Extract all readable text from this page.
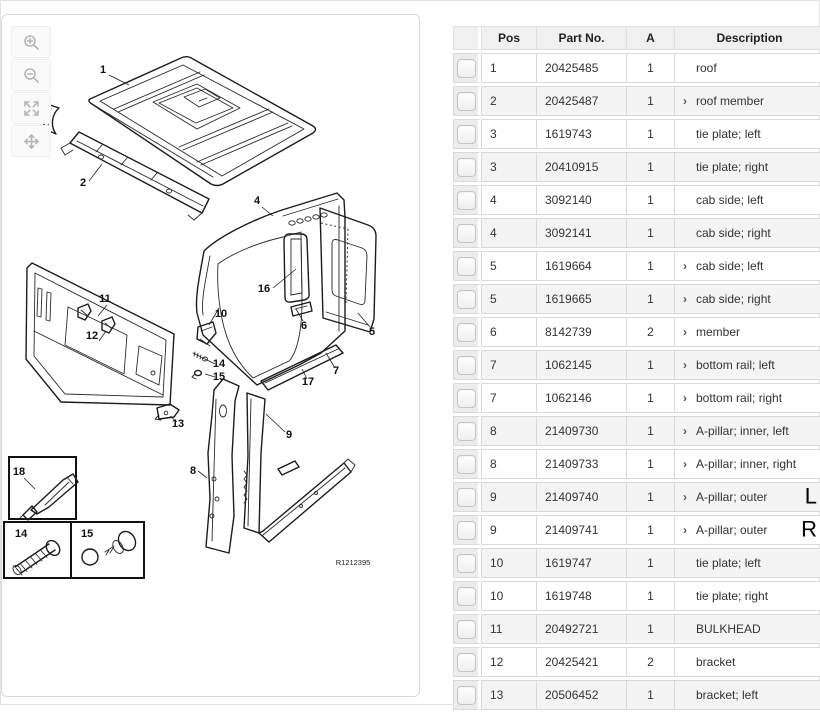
1
2
4
5
6
7
8
9
10
11
12
13
14
15
16
17
18
14	15
R1212395
	Pos	Part No.	A	Description
	1	20425485	1	roof

	2	20425487	1	› roof member

	3	1619743	1	tie plate; left

	3	20410915	1	tie plate; right

	4	3092140	1	cab side; left

	4	3092141	1	cab side; right

	5	1619664	1	› cab side; left

	5	1619665	1	› cab side; right

	6	8142739	2	› member

	7	1062145	1	› bottom rail; left

	7	1062146	1	› bottom rail; right

	8	21409730	1	› A-pillar; inner, left

	8	21409733	1	› A-pillar; inner, right

	9	21409740	1	› A-pillar; outer L

	9	21409741	1	› A-pillar; outer R

	10	1619747	1	tie plate; left

	10	1619748	1	tie plate; right

	11	20492721	1	BULKHEAD

	12	20425421	2	bracket

	13	20506452	1	bracket; left
